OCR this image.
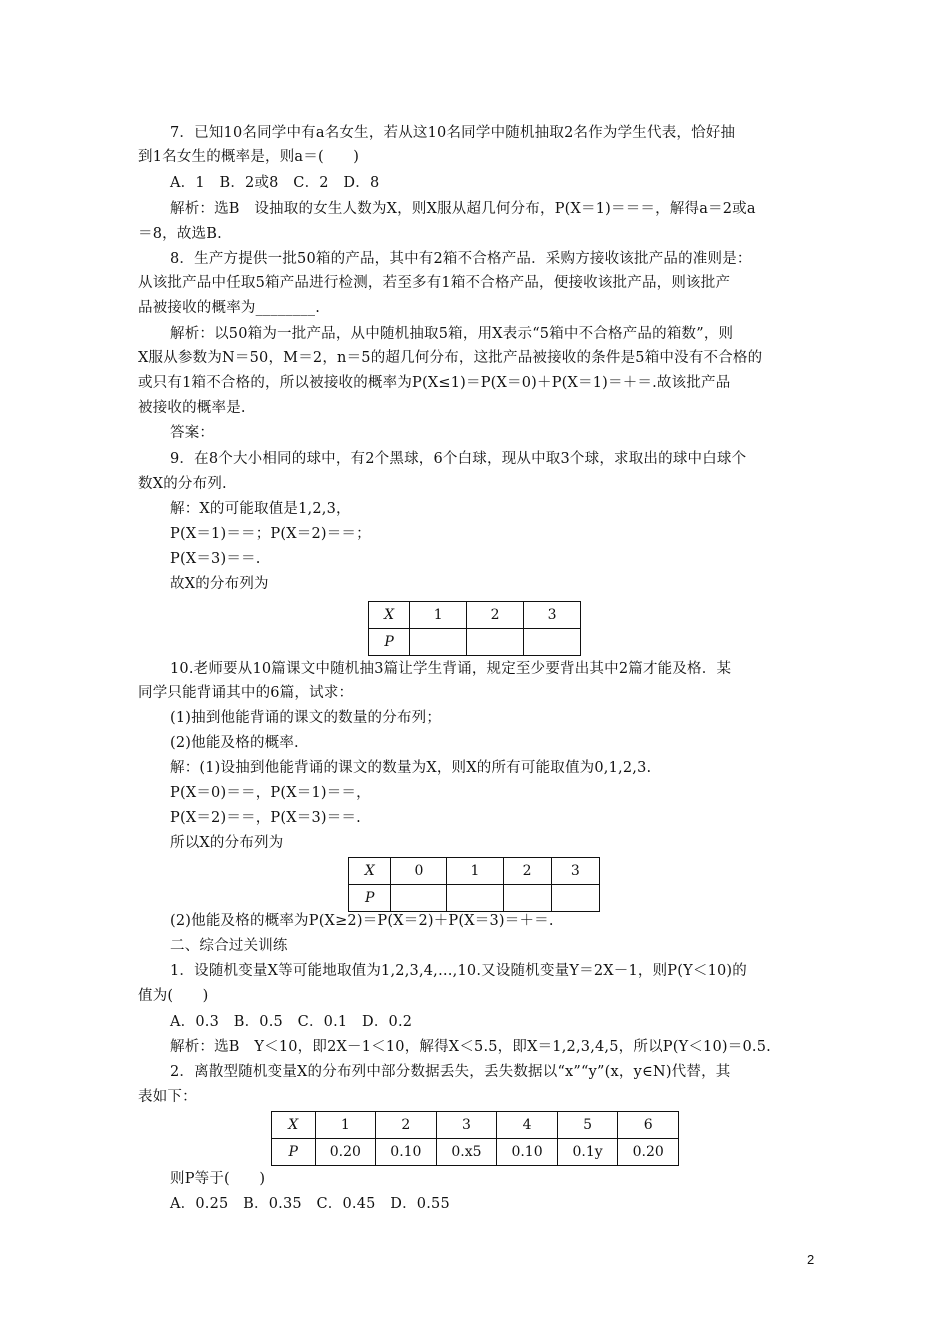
7．已知10名同学中有a名女生，若从这10名同学中随机抽取2名作为学生代表，恰好抽
到1名女生的概率是，则a＝(　　)
A．1　B．2或8　C．2　D．8
解析：选B　设抽取的女生人数为X，则X服从超几何分布，P(X＝1)＝＝＝，解得a＝2或a
＝8，故选B.
8．生产方提供一批50箱的产品，其中有2箱不合格产品．采购方接收该批产品的准则是：
从该批产品中任取5箱产品进行检测，若至多有1箱不合格产品，便接收该批产品，则该批产
品被接收的概率为________.
解析：以50箱为一批产品，从中随机抽取5箱，用X表示“5箱中不合格产品的箱数”，则
X服从参数为N＝50，M＝2，n＝5的超几何分布，这批产品被接收的条件是5箱中没有不合格的
或只有1箱不合格的，所以被接收的概率为P(X≤1)＝P(X＝0)＋P(X＝1)＝＋＝.故该批产品
被接收的概率是.
答案：
9．在8个大小相同的球中，有2个黑球，6个白球，现从中取3个球，求取出的球中白球个
数X的分布列.
解：X的可能取值是1,2,3，
P(X＝1)＝＝；P(X＝2)＝＝；
P(X＝3)＝＝.
故X的分布列为
X	1	2	3
P			
10.老师要从10篇课文中随机抽3篇让学生背诵，规定至少要背出其中2篇才能及格．某
同学只能背诵其中的6篇，试求：
(1)抽到他能背诵的课文的数量的分布列；
(2)他能及格的概率.
解：(1)设抽到他能背诵的课文的数量为X，则X的所有可能取值为0,1,2,3.
P(X＝0)＝＝，P(X＝1)＝＝，
P(X＝2)＝＝，P(X＝3)＝＝.
所以X的分布列为
X	0	1	2	3
P				
(2)他能及格的概率为P(X≥2)＝P(X＝2)＋P(X＝3)＝＋＝.
二、综合过关训练
1．设随机变量X等可能地取值为1,2,3,4,…,10.又设随机变量Y＝2X－1，则P(Y＜10)的
值为(　　)
A．0.3　B．0.5　C．0.1　D．0.2
解析：选B　Y＜10，即2X－1＜10，解得X＜5.5，即X＝1,2,3,4,5，所以P(Y＜10)＝0.5.
2．离散型随机变量X的分布列中部分数据丢失，丢失数据以“x”“y”(x，y∈N)代替，其
表如下：
X	1	2	3	4	5	6
P	0.20	0.10	0.x5	0.10	0.1y	0.20
则P等于(　　)
A．0.25　B．0.35　C．0.45　D．0.55
2
